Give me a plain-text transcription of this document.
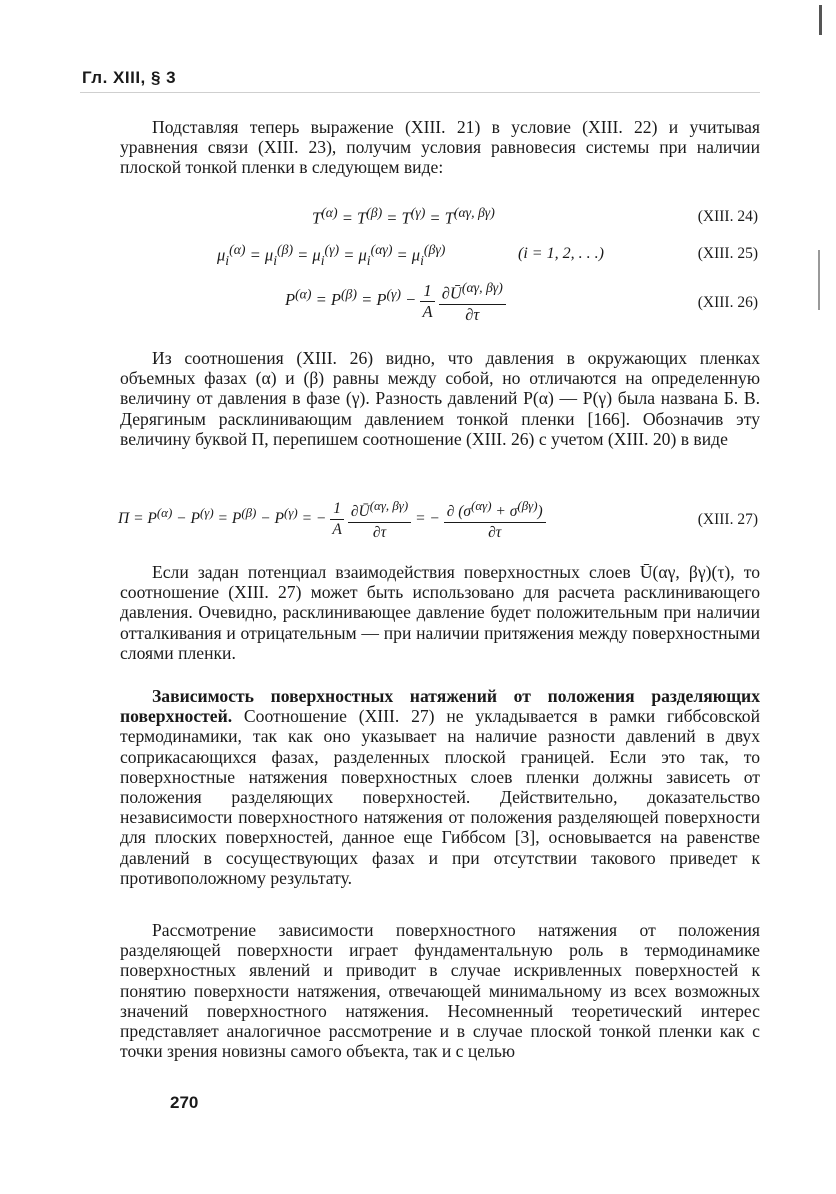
Гл. XIII, § 3

Подставляя теперь выражение (XIII. 21) в условие (XIII. 22) и учитывая уравнения связи (XIII. 23), получим условия равновесия системы при наличии плоской тонкой пленки в следующем виде:

$T^{(\alpha)} = T^{(\beta)} = T^{(\gamma)} = T^{(\alpha\gamma, \beta\gamma)}$	(XIII. 24)
$\mu_i^{(\alpha)} = \mu_i^{(\beta)} = \mu_i^{(\gamma)} = \mu_i^{(\alpha\gamma)} = \mu_i^{(\beta\gamma)}$	(i = 1, 2, . . .)	(XIII. 25)
$P^{(\alpha)} = P^{(\beta)} = P^{(\gamma)} - \frac{1}{A}$
$\frac{\partial Ū^{(\alpha\gamma, \beta\gamma)}}{\partial\tau}$	(XIII. 26)

Из соотношения (XIII. 26) видно, что давления в окружающих пленках объемных фазах (α) и (β) равны между собой, но отличаются на определенную величину от давления в фазе (γ). Разность давлений P(α) — P(γ) была названа Б. В. Дерягиным расклинивающим давлением тонкой пленки [166]. Обозначив эту величину буквой Π, перепишем соотношение (XIII. 26) с учетом (XIII. 20) в виде

$\Pi = P^{(\alpha)} - P^{(\gamma)} = P^{(\beta)} - P^{(\gamma)}$ = − $\frac{1}{A}$
$\frac{\partial Ū^{(\alpha\gamma, \beta\gamma)}}{\partial\tau}$ = − $\frac{\partial (\sigma^{(\alpha\gamma)} + \sigma^{(\beta\gamma)})}{\partial\tau}$	(XIII. 27)

Если задан потенциал взаимодействия поверхностных слоев Ū(αγ, βγ)(τ), то соотношение (XIII. 27) может быть использовано для расчета расклинивающего давления. Очевидно, расклинивающее давление будет положительным при наличии отталкивания и отрицательным — при наличии притяжения между поверхностными слоями пленки.

Зависимость поверхностных натяжений от положения разделяющих поверхностей. Соотношение (XIII. 27) не укладывается в рамки гиббсовской термодинамики, так как оно указывает на наличие разности давлений в двух соприкасающихся фазах, разделенных плоской границей. Если это так, то поверхностные натяжения поверхностных слоев пленки должны зависеть от положения разделяющих поверхностей. Действительно, доказательство независимости поверхностного натяжения от положения разделяющей поверхности для плоских поверхностей, данное еще Гиббсом [3], основывается на равенстве давлений в сосуществующих фазах и при отсутствии такового приведет к противоположному результату.

Рассмотрение зависимости поверхностного натяжения от положения разделяющей поверхности играет фундаментальную роль в термодинамике поверхностных явлений и приводит в случае искривленных поверхностей к понятию поверхности натяжения, отвечающей минимальному из всех возможных значений поверхностного натяжения. Несомненный теоретический интерес представляет аналогичное рассмотрение и в случае плоской тонкой пленки как с точки зрения новизны самого объекта, так и с целью

270
